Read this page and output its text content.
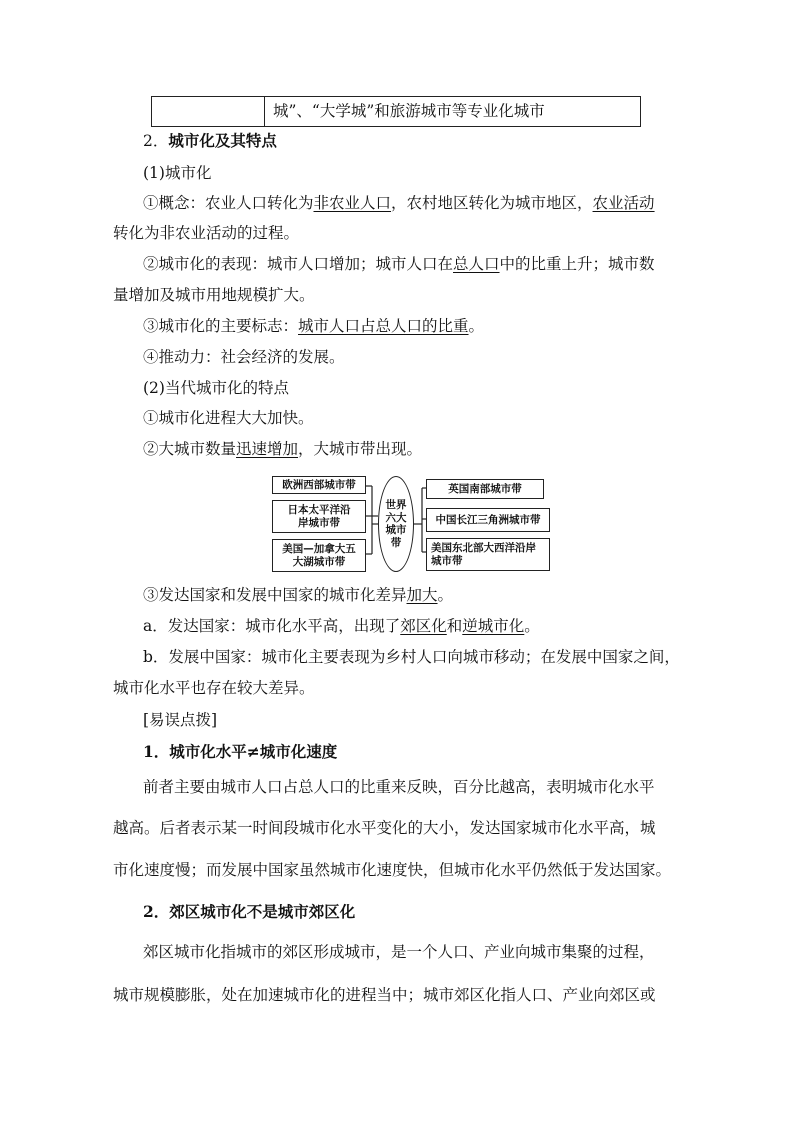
城”、“大学城”和旅游城市等专业化城市
2．城市化及其特点
(1)城市化
①概念：农业人口转化为非农业人口，农村地区转化为城市地区，农业活动
转化为非农业活动的过程。
②城市化的表现：城市人口增加；城市人口在总人口中的比重上升；城市数
量增加及城市用地规模扩大。
③城市化的主要标志：城市人口占总人口的比重。
④推动力：社会经济的发展。
(2)当代城市化的特点
①城市化进程大大加快。
②大城市数量迅速增加，大城市带出现。
欧洲西部城市带
日本太平洋沿岸城市带
美国—加拿大五大湖城市带
世界六大城市带
英国南部城市带
中国长江三角洲城市带
美国东北部大西洋沿岸城市带
③发达国家和发展中国家的城市化差异加大。
a．发达国家：城市化水平高，出现了郊区化和逆城市化。
b．发展中国家：城市化主要表现为乡村人口向城市移动；在发展中国家之间，
城市化水平也存在较大差异。
[易误点拨]
1．城市化水平≠城市化速度
前者主要由城市人口占总人口的比重来反映，百分比越高，表明城市化水平
越高。后者表示某一时间段城市化水平变化的大小，发达国家城市化水平高，城
市化速度慢；而发展中国家虽然城市化速度快，但城市化水平仍然低于发达国家。
2．郊区城市化不是城市郊区化
郊区城市化指城市的郊区形成城市，是一个人口、产业向城市集聚的过程，
城市规模膨胀，处在加速城市化的进程当中；城市郊区化指人口、产业向郊区或
